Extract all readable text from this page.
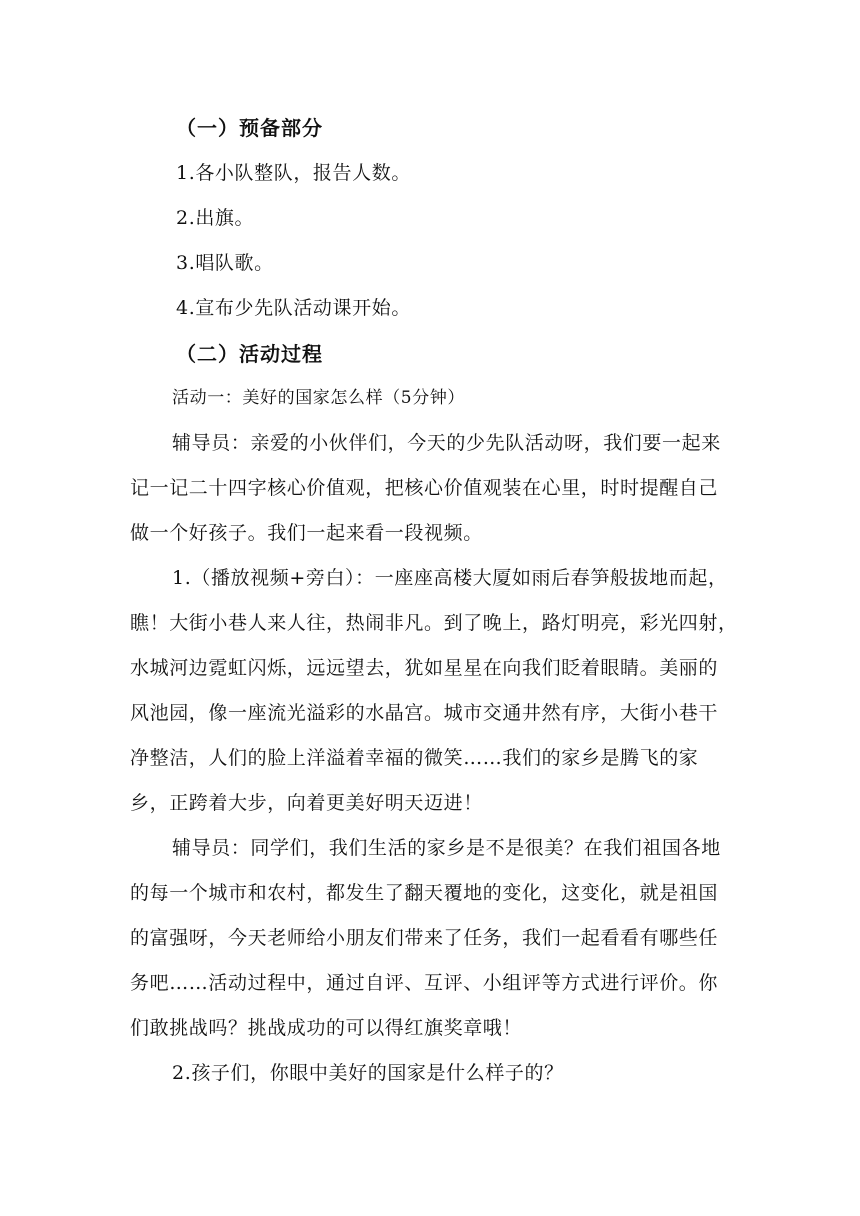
（一）预备部分
1.各小队整队，报告人数。
2.出旗。
3.唱队歌。
4.宣布少先队活动课开始。
（二）活动过程
活动一：美好的国家怎么样（5分钟）
辅导员：亲爱的小伙伴们，今天的少先队活动呀，我们要一起来
记一记二十四字核心价值观，把核心价值观装在心里，时时提醒自己
做一个好孩子。我们一起来看一段视频。
1.（播放视频+旁白）：一座座高楼大厦如雨后春笋般拔地而起，
瞧！大街小巷人来人往，热闹非凡。到了晚上，路灯明亮，彩光四射，
水城河边霓虹闪烁，远远望去，犹如星星在向我们眨着眼睛。美丽的
风池园，像一座流光溢彩的水晶宫。城市交通井然有序，大街小巷干
净整洁，人们的脸上洋溢着幸福的微笑……我们的家乡是腾飞的家
乡，正跨着大步，向着更美好明天迈进！
辅导员：同学们，我们生活的家乡是不是很美？在我们祖国各地
的每一个城市和农村，都发生了翻天覆地的变化，这变化，就是祖国
的富强呀，今天老师给小朋友们带来了任务，我们一起看看有哪些任
务吧……活动过程中，通过自评、互评、小组评等方式进行评价。你
们敢挑战吗？挑战成功的可以得红旗奖章哦！
2.孩子们，你眼中美好的国家是什么样子的？
